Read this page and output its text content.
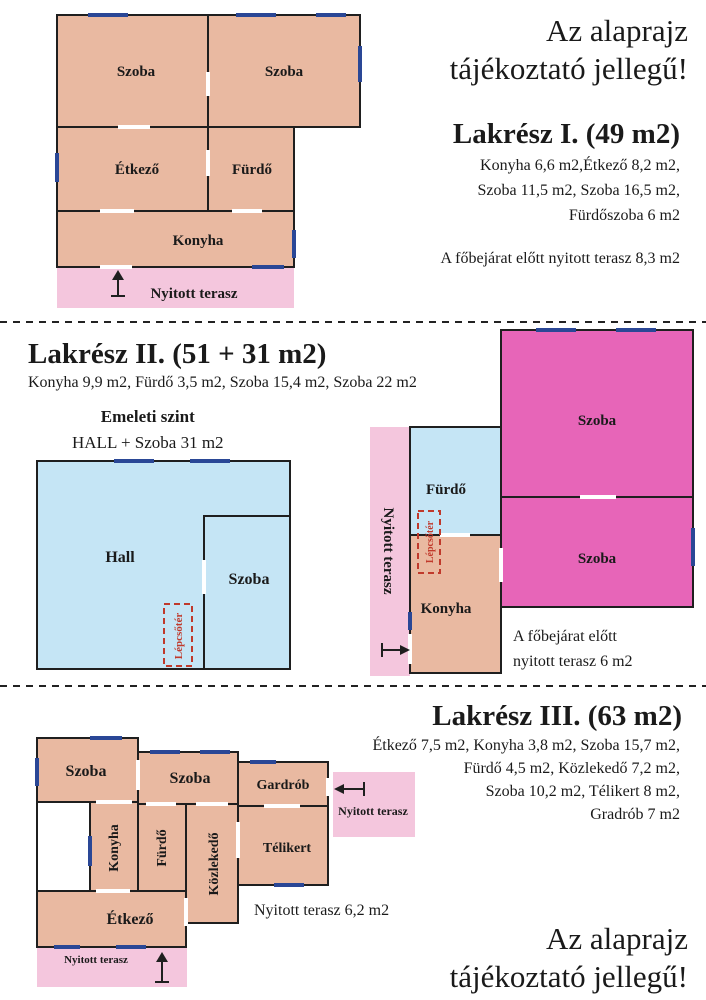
Szoba	Szoba
Étkező	Fürdő
Konyha
Nyitott terasz
Hall
Szoba
Lépcsőtér
Nyitott terasz
Fürdő
Lépcsőtér
Konyha
Szoba
Szoba
Szoba	Szoba	Gardrób
Konyha Fürdő	Közlekedő	Télikert
Étkező
Nyitott terasz
Nyitott terasz
Az alaprajz
tájékoztató jellegű!
Lakrész I. (49 m2)
Konyha 6,6 m2,Étkező 8,2 m2,
Szoba 11,5 m2, Szoba 16,5 m2,
Fürdőszoba 6 m2
A főbejárat előtt nyitott terasz 8,3 m2
Lakrész II. (51 + 31 m2)
Konyha 9,9 m2, Fürdő 3,5 m2, Szoba 15,4 m2, Szoba 22 m2
Emeleti szint
HALL + Szoba 31 m2
A főbejárat előtt
nyitott terasz 6 m2
Lakrész III. (63 m2)
Étkező 7,5 m2, Konyha 3,8 m2, Szoba 15,7 m2,
Fürdő 4,5 m2, Közlekedő 7,2 m2,
Szoba 10,2 m2, Télikert 8 m2,
Gradrób 7 m2
Nyitott terasz 6,2 m2
Az alaprajz
tájékoztató jellegű!
